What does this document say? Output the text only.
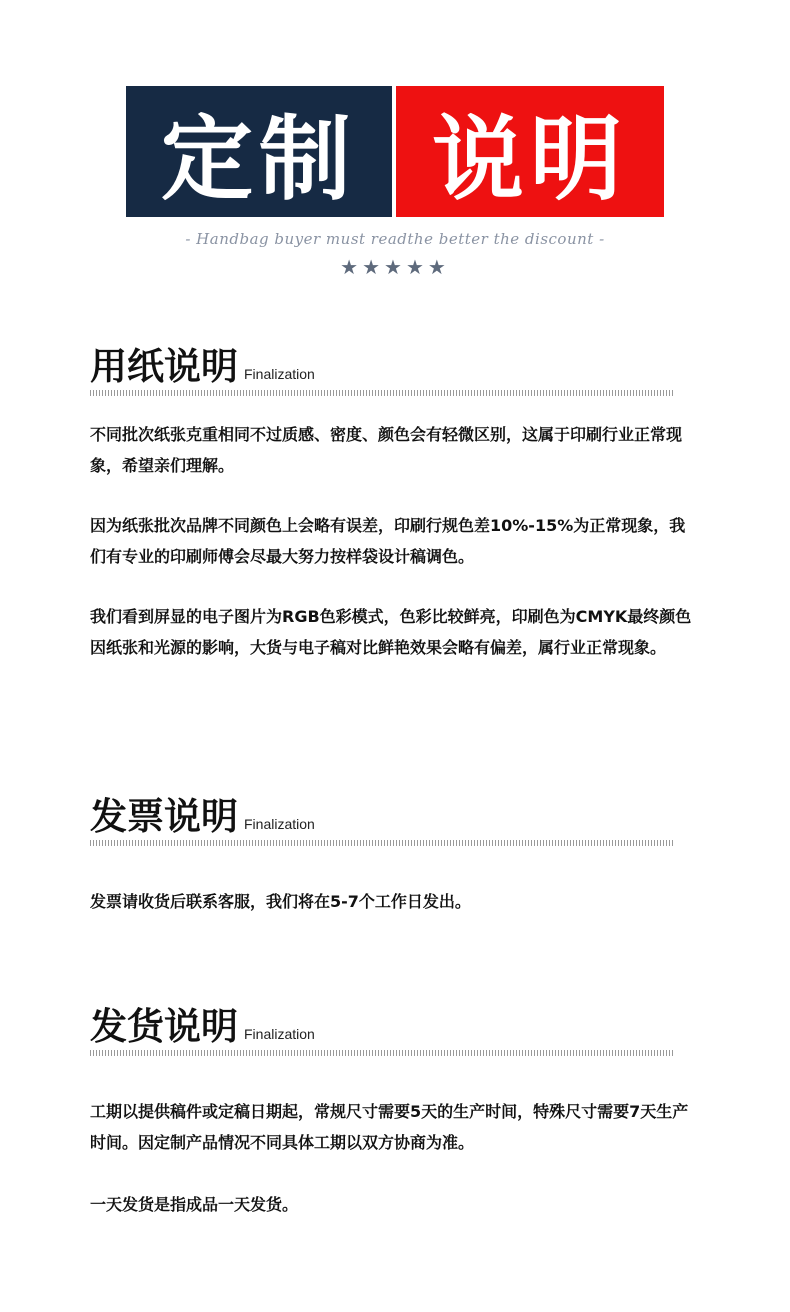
定制 说明
- Handbag buyer must readthe better the discount -
★★★★★
用纸说明 Finalization
不同批次纸张克重相同不过质感、密度、颜色会有轻微区别，这属于印刷行业正常现象，希望亲们理解。
因为纸张批次品牌不同颜色上会略有误差，印刷行规色差10%-15%为正常现象，我们有专业的印刷师傅会尽最大努力按样袋设计稿调色。
我们看到屏显的电子图片为RGB色彩模式，色彩比较鲜亮，印刷色为CMYK最终颜色因纸张和光源的影响，大货与电子稿对比鲜艳效果会略有偏差，属行业正常现象。
发票说明 Finalization
发票请收货后联系客服，我们将在5-7个工作日发出。
发货说明 Finalization
工期以提供稿件或定稿日期起，常规尺寸需要5天的生产时间，特殊尺寸需要7天生产时间。因定制产品情况不同具体工期以双方协商为准。
一天发货是指成品一天发货。
